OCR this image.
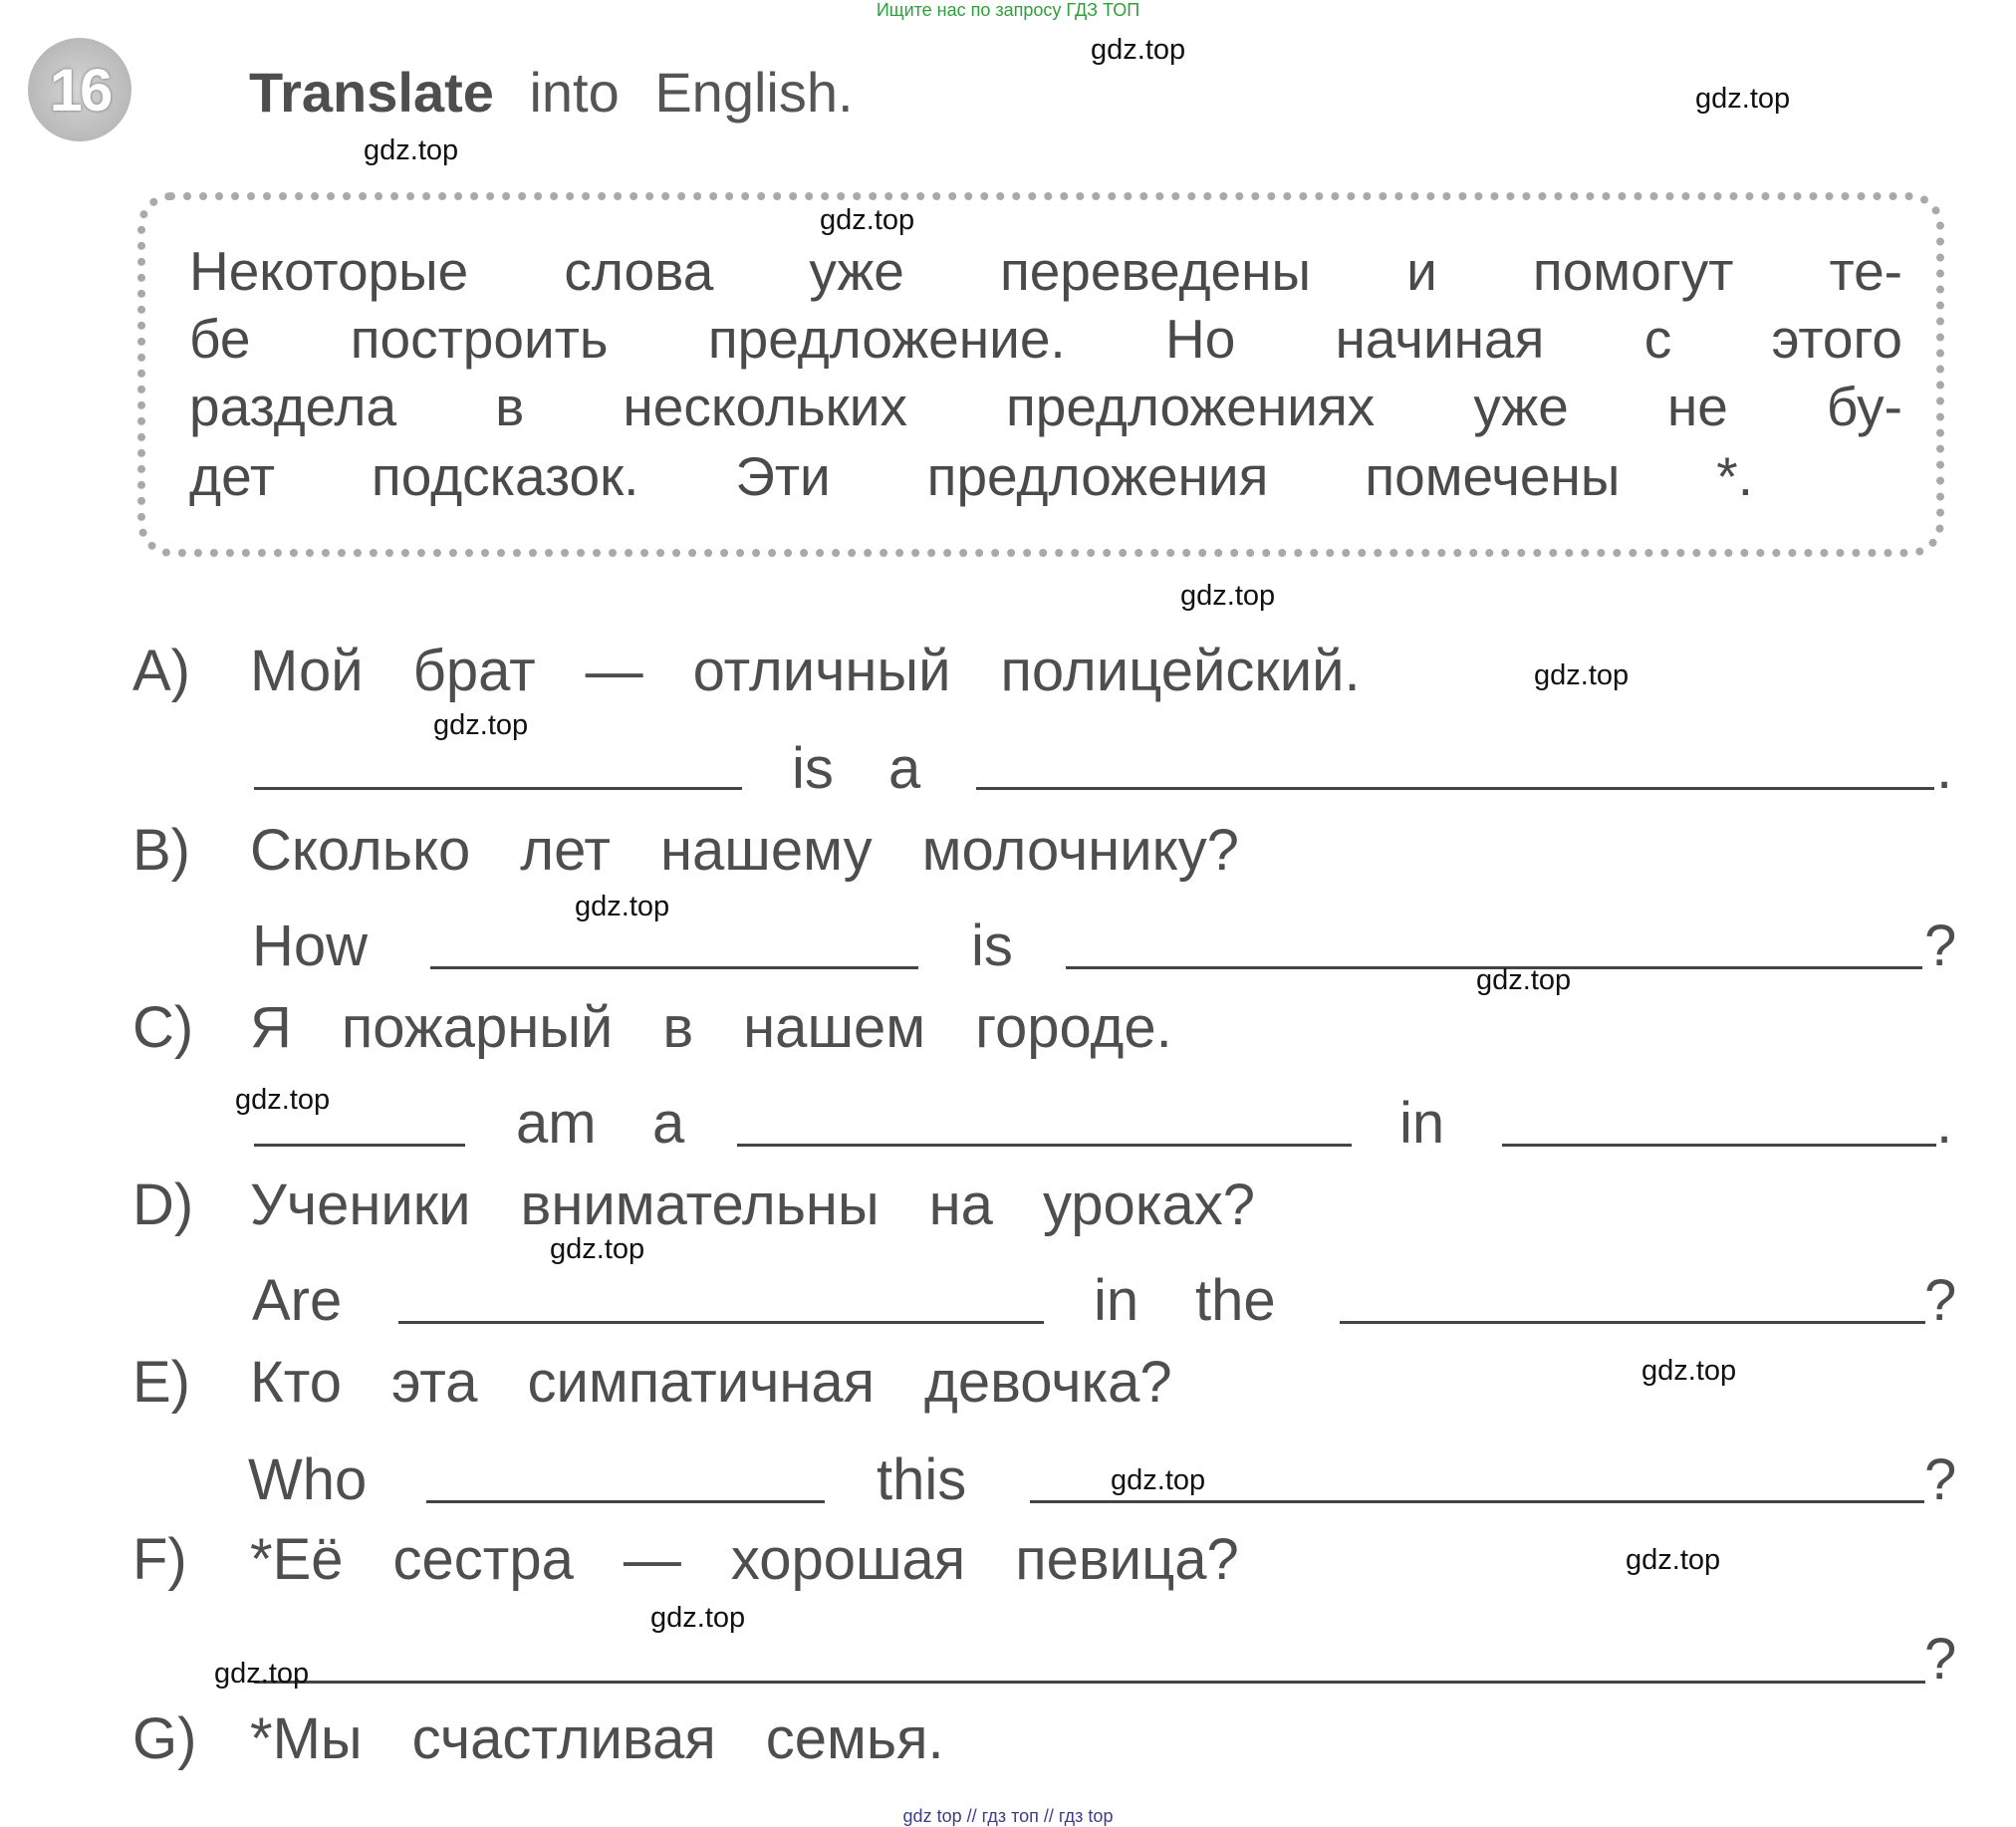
Ищите нас по запросу ГДЗ ТОП
16 Translate into English.
Некоторые слова уже переведены и помогут те-
бе построить предложение. Но начиная с этого
раздела в нескольких предложениях уже не бу-
дет подсказок. Эти предложения помечены *.
A)	Мой брат — отличный полицейский.
B)	Сколько лет нашему молочнику?
C) Я пожарный в нашем городе.
D) Ученики внимательны на уроках?
E)	Кто эта симпатичная девочка?
F)	*Её сестра — хорошая певица?
G) *Мы счастливая семья.
is a	.
How	is	?
am a	in	.
Are	in the	?
Who	this	?
?
gdz.top
gdz.top
gdz.top
gdz.top
gdz.top
gdz.top
gdz.top
gdz.top
gdz.top
gdz.top
gdz.top
gdz.top
gdz.top
gdz.top
gdz.top
gdz.top
gdz top // гдз топ // гдз top
